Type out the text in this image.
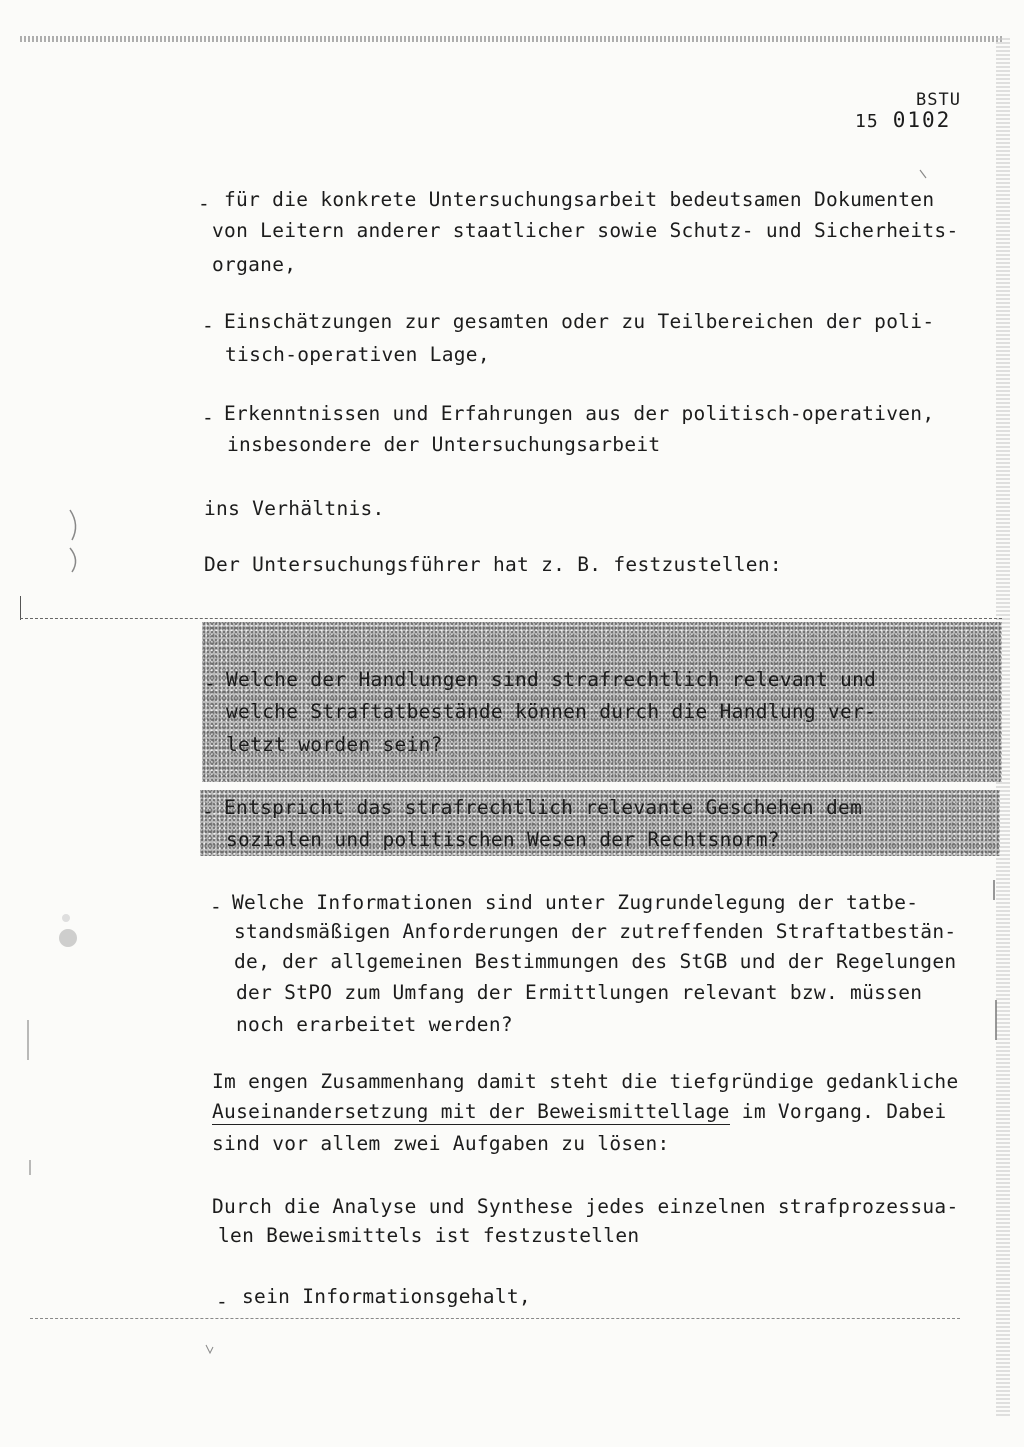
BSTU
15 0102
- für die konkrete Untersuchungsarbeit bedeutsamen Dokumenten
von Leitern anderer staatlicher sowie Schutz- und Sicherheits-
organe,
- Einschätzungen zur gesamten oder zu Teilbereichen der poli-
tisch-operativen Lage,
- Erkenntnissen und Erfahrungen aus der politisch-operativen,
insbesondere der Untersuchungsarbeit
ins Verhältnis.
Der Untersuchungsführer hat z. B. festzustellen:
- Welche der Handlungen sind strafrechtlich relevant und
welche Straftatbestände können durch die Handlung ver-
letzt worden sein?
- Entspricht das strafrechtlich relevante Geschehen dem
sozialen und politischen Wesen der Rechtsnorm?
- Welche Informationen sind unter Zugrundelegung der tatbe-
standsmäßigen Anforderungen der zutreffenden Straftatbestän-
de, der allgemeinen Bestimmungen des StGB und der Regelungen
der StPO zum Umfang der Ermittlungen relevant bzw. müssen
noch erarbeitet werden?
Im engen Zusammenhang damit steht die tiefgründige gedankliche
Auseinandersetzung mit der Beweismittellage im Vorgang. Dabei
sind vor allem zwei Aufgaben zu lösen:
Durch die Analyse und Synthese jedes einzelnen strafprozessua-
len Beweismittels ist festzustellen
- sein Informationsgehalt,
